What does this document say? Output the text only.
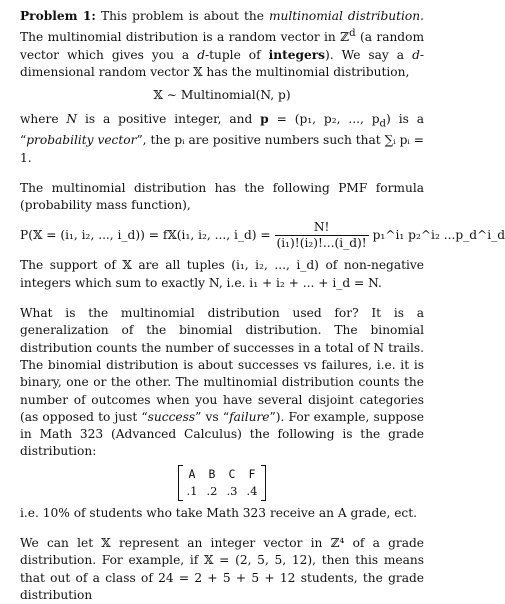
Problem 1: This problem is about the multinomial distribution. The multinomial distribution is a random vector in ℤ$^d$ (a random vector which gives you a d-tuple of integers). We say a d-dimensional random vector 𝕏 has the multinomial distribution,

𝕏 ∼ Multinomial(N, p)

where N is a positive integer, and p = (p₁, p₂, ..., $p_d$) is a “probability vector”, the pᵢ are positive numbers such that ∑ᵢ pᵢ = 1.

The multinomial distribution has the following PMF formula (probability mass function),

P(𝕏 = (i₁, i₂, ..., i_d)) = f𝕏(i₁, i₂, ..., i_d) = $\frac{N!}{\text{(i₁)!(i₂)!...(i\_d)!}}$ p₁^i₁ p₂^i₂ ...p_d^i_d

The support of 𝕏 are all tuples (i₁, i₂, ..., i_d) of non-negative integers which sum to exactly N, i.e. i₁ + i₂ + ... + i_d = N.

What is the multinomial distribution used for? It is a generalization of the binomial distribution. The binomial distribution counts the number of successes in a total of N trails. The binomial distribution is about successes vs failures, i.e. it is binary, one or the other. The multinomial distribution counts the number of outcomes when you have several disjoint categories (as opposed to just “success” vs “failure”). For example, suppose in Math 323 (Advanced Calculus) the following is the grade distribution:

A	B	C	F
.1 .2 .3 .4

i.e. 10% of students who take Math 323 receive an A grade, ect.

We can let 𝕏 represent an integer vector in ℤ⁴ of a grade distribution. For example, if 𝕏 = (2, 5, 5, 12), then this means that out of a class of 24 = 2 + 5 + 5 + 12 students, the grade distribution
